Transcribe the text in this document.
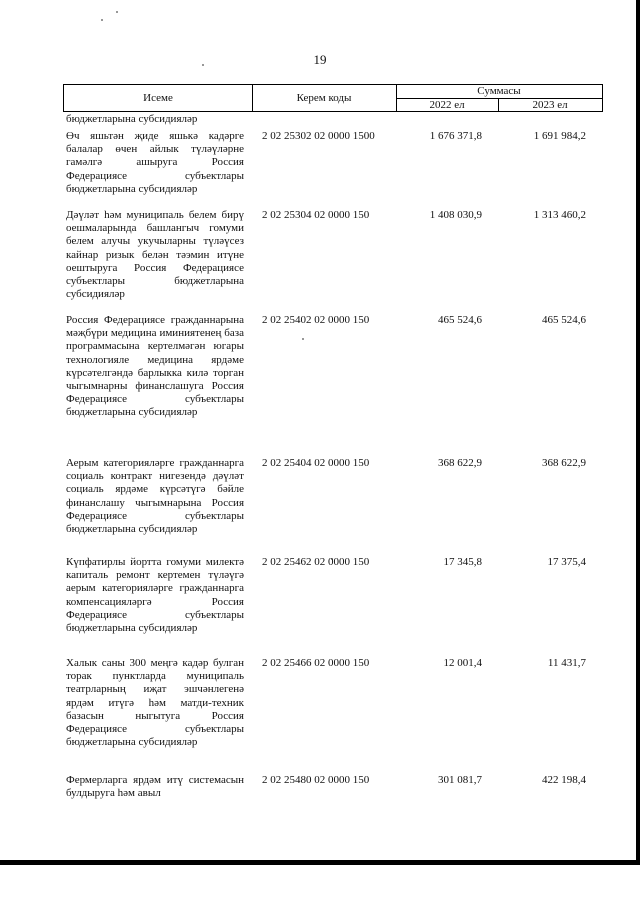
19
Исеме	Керем коды
Суммасы
2022 ел	2023 ел
бюджетларына субсидияләр
Өч яшьтән җиде яшькә кадәрге балалар өчен айлык түләүләрне гамәлгә ашыруга Россия Федерациясе субъектлары бюджетларына субсидияләр
2 02 25302 02 0000 1500	1 676 371,8	1 691 984,2
Дәүләт һәм муниципаль белем бирү оешмаларында башлангыч гомуми белем алучы укучыларны түләүсез кайнар ризык белән тәэмин итүне оештыруга Россия Федерациясе субъектлары бюджетларына субсидияләр
2 02 25304 02 0000 150	1 408 030,9	1 313 460,2
Россия Федерациясе гражданнарына мәҗбүри медицина иминиятенең база программасына кертелмәгән югары технологияле медицина ярдәме күрсәтелгәндә барлыкка килә торган чыгымнарны финанслашуга Россия Федерациясе субъектлары бюджетларына субсидияләр
2 02 25402 02 0000 150	465 524,6	465 524,6
Аерым категорияләрге гражданнарга социаль контракт нигезендә дәүләт социаль ярдәме күрсәтүгә бәйле финанслашу чыгымнарына Россия Федерациясе субъектлары бюджетларына субсидияләр
2 02 25404 02 0000 150	368 622,9	368 622,9
Күпфатирлы йортта гомуми милектә капиталь ремонт кертемен түләүгә аерым категорияләрге гражданнарга компенсацияләргә Россия Федерациясе субъектлары бюджетларына субсидияләр
2 02 25462 02 0000 150	17 345,8	17 375,4
Халык саны 300 меңгә кадәр булган торак пунктларда муниципаль театрларның иҗат эшчәнлегенә ярдәм итүгә һәм матди-техник базасын ныгытуга Россия Федерациясе субъектлары бюджетларына субсидияләр
2 02 25466 02 0000 150	12 001,4	11 431,7
Фермерларга ярдәм итү системасын булдыруга һәм авыл
2 02 25480 02 0000 150	301 081,7	422 198,4
